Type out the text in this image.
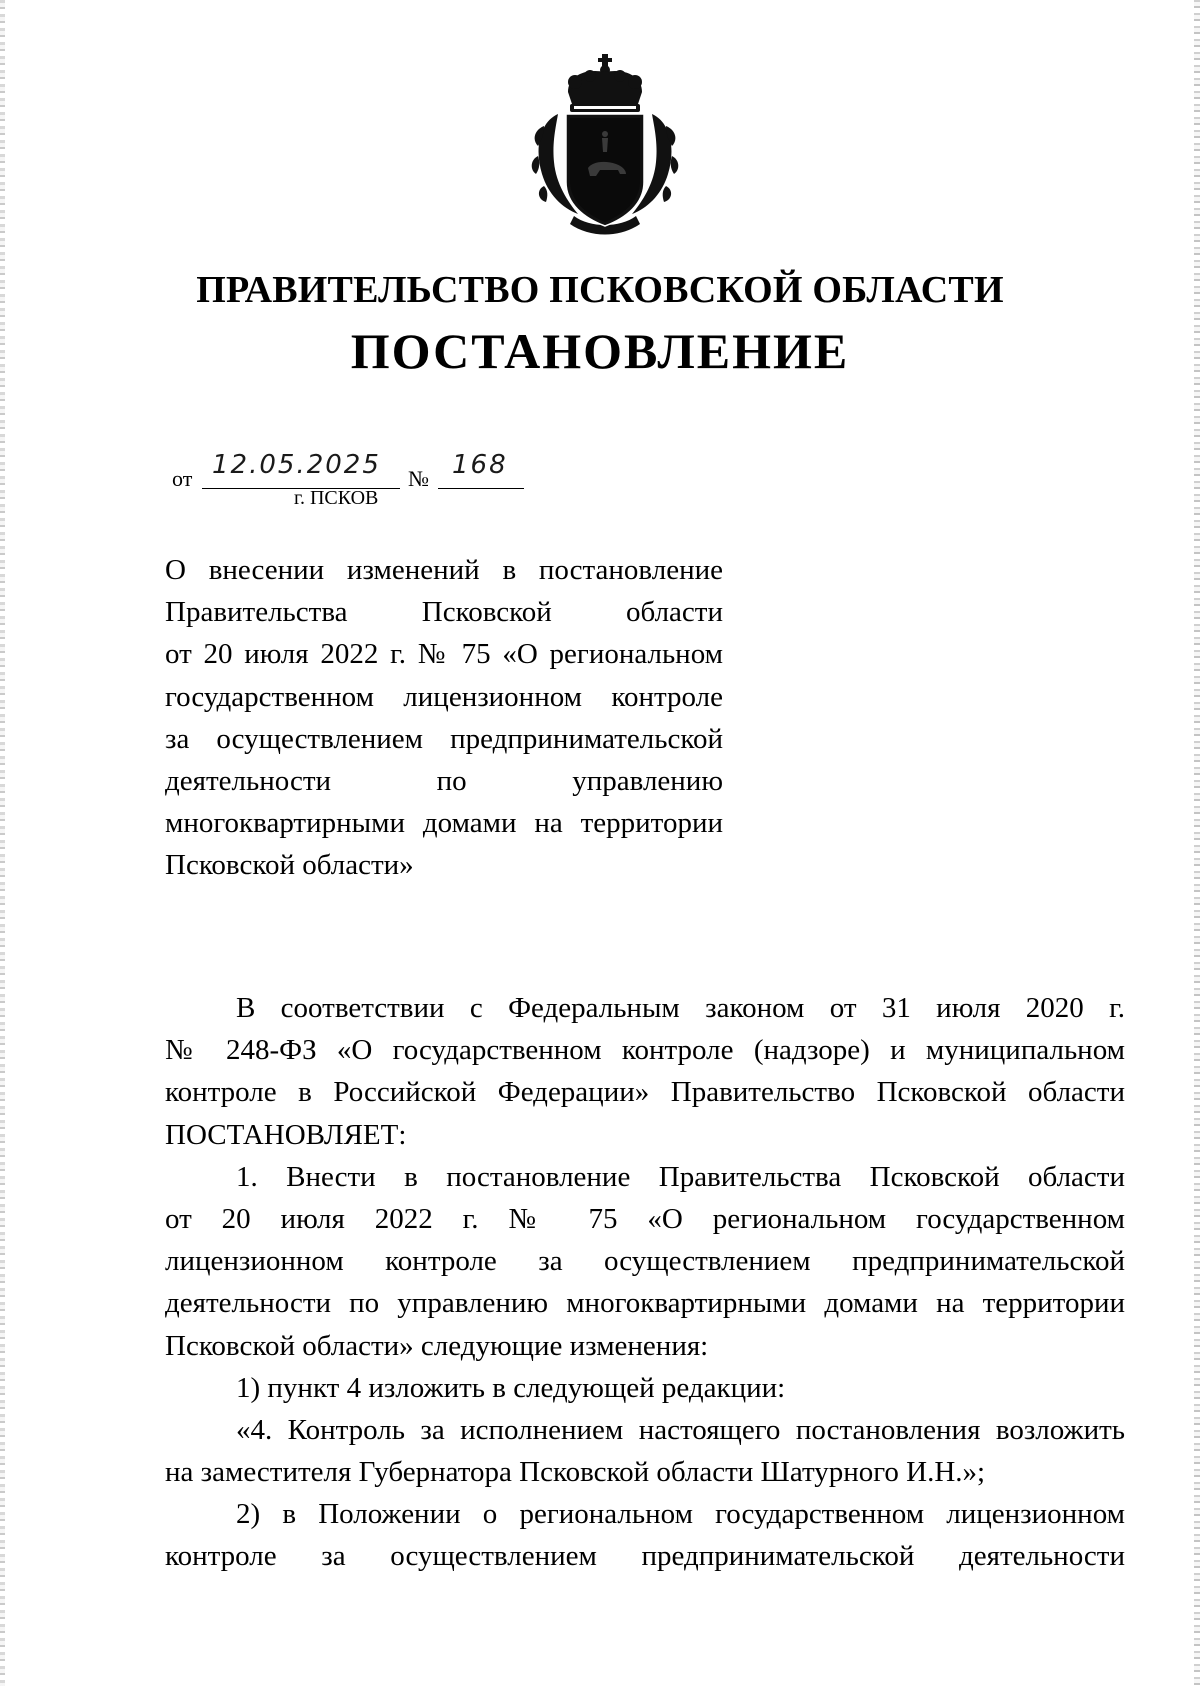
ПРАВИТЕЛЬСТВО ПСКОВСКОЙ ОБЛАСТИ
ПОСТАНОВЛЕНИЕ
от 12.05.2025 № 168
г. ПСКОВ
О внесении изменений в постановление
Правительства Псковской области
от 20 июля 2022 г. № 75 «О региональном
государственном лицензионном контроле
за осуществлением предпринимательской
деятельности по управлению
многоквартирными домами на территории
Псковской области»
В соответствии с Федеральным законом от 31 июля 2020 г.
№ 248-ФЗ «О государственном контроле (надзоре) и муниципальном
контроле в Российской Федерации» Правительство Псковской области
ПОСТАНОВЛЯЕТ:
1. Внести в постановление Правительства Псковской области
от 20 июля 2022 г. № 75 «О региональном государственном
лицензионном контроле за осуществлением предпринимательской
деятельности по управлению многоквартирными домами на территории
Псковской области» следующие изменения:
1) пункт 4 изложить в следующей редакции:
«4. Контроль за исполнением настоящего постановления возложить
на заместителя Губернатора Псковской области Шатурного И.Н.»;
2) в Положении о региональном государственном лицензионном
контроле за осуществлением предпринимательской деятельности
